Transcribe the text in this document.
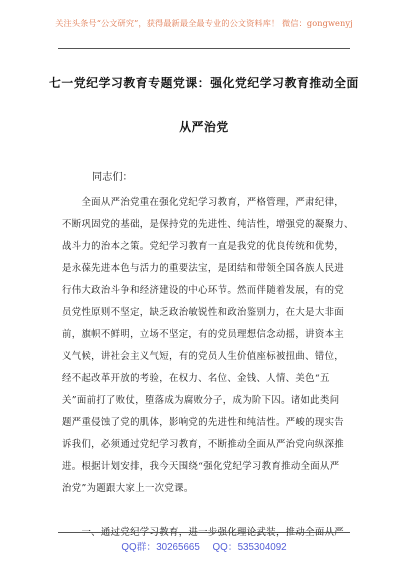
关注头条号“公文研究”，获得最新最全最专业的公文资料库！ 微信：gongwenyj
七一党纪学习教育专题党课：强化党纪学习教育推动全面
从严治党
同志们：
　　全面从严治党重在强化党纪学习教育，严格管理，严肃纪律，
不断巩固党的基础，是保持党的先进性、纯洁性，增强党的凝聚力、
战斗力的治本之策。党纪学习教育一直是我党的优良传统和优势，
是永葆先进本色与活力的重要法宝，是团结和带领全国各族人民进
行伟大政治斗争和经济建设的中心环节。然而伴随着发展，有的党
员党性原则不坚定，缺乏政治敏锐性和政治鉴别力，在大是大非面
前，旗帜不鲜明，立场不坚定，有的党员理想信念动摇，讲资本主
义气候，讲社会主义气短，有的党员人生价值座标被扭曲、错位，
经不起改革开放的考验，在权力、名位、金钱、人情、美色“五
关”面前打了败仗，堕落成为腐败分子，成为阶下囚。诸如此类问
题严重侵蚀了党的肌体，影响党的先进性和纯洁性。严峻的现实告
诉我们，必须通过党纪学习教育，不断推动全面从严治党向纵深推
进。根据计划安排，我今天围绕“强化党纪学习教育推动全面从严
治党”为题跟大家上一次党课。
　　一、通过党纪学习教育，进一步强化理论武装，推动全面从严
QQ群：30265665 QQ：535304092
